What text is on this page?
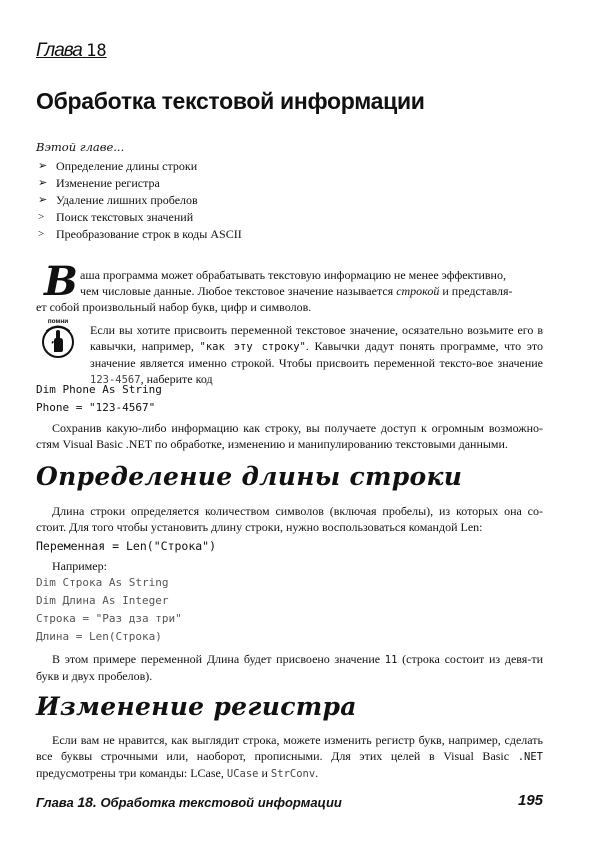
Глава 18
Обработка текстовой информации
Вэтой главе...
➢ Определение длины строки
➢ Изменение регистра
➢ Удаление лишних пробелов
> Поиск текстовых значений
> Преобразование строк в коды ASCII
В аша программа может обрабатывать текстовую информацию не менее эффективно,

чем числовые данные. Любое текстовое значение называется строкой и представля-

ет собой произвольный набор букв, цифр и символов.

помни

Если вы хотите присвоить переменной текстовое значение, осязательно возьмите его в кавычки, например, "как эту строку". Кавычки дадут понять программе, что это значение является именно строкой. Чтобы присвоить переменной тексто-вое значение 123-4567, наберите код

Dim Phone As String
Phone = "123-4567"

Сохранив какую-либо информацию как строку, вы получаете доступ к огромным возможно-стям Visual Basic .NET по обработке, изменению и манипулированию текстовыми данными.

Определение длины строки

Длина строки определяется количеством символов (включая пробелы), из которых она со-стоит. Для того чтобы установить длину строки, нужно воспользоваться командой Len:

Переменная = Len("Строка")

Например:

Dim Строка As String
Dim Длина As Integer
Строка = "Раз дза три"
Длина = Len(Строка)

В этом примере переменной Длина будет присвоено значение 11 (строка состоит из девя-ти букв и двух пробелов).

Изменение регистра

Если вам не нравится, как выглядит строка, можете изменить регистр букв, например, сделать все буквы строчными или, наоборот, прописными. Для этих целей в Visual Basic .NET предусмотрены три команды: LCase, UCase и StrConv.

Глава 18. Обработка текстовой информации	195
